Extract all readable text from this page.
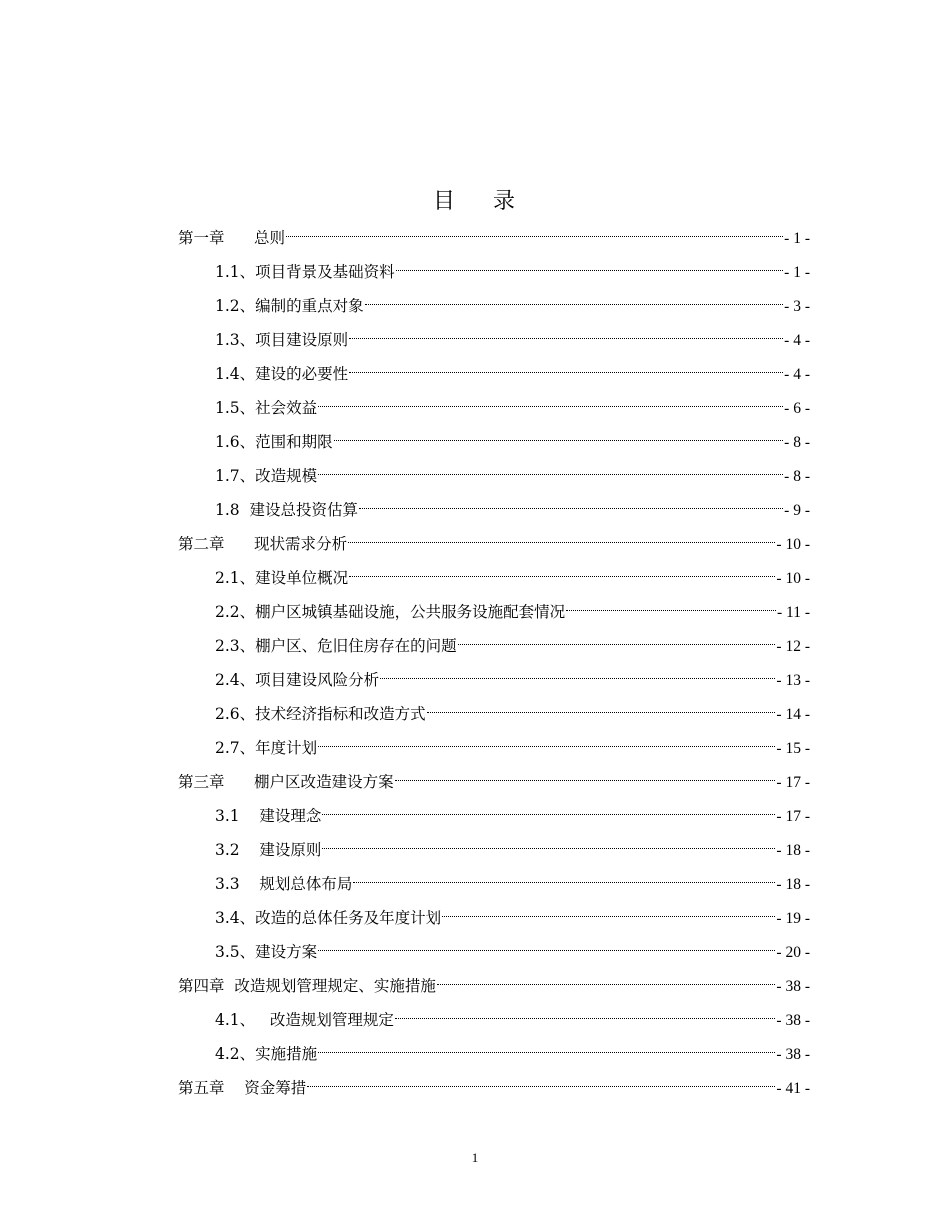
目    录
第一章      总则	- 1 -
1.1、项目背景及基础资料	- 1 -
1.2、编制的重点对象	- 3 -
1.3、项目建设原则	- 4 -
1.4、建设的必要性	- 4 -
1.5、社会效益	- 6 -
1.6、范围和期限	- 8 -
1.7、改造规模	- 8 -
1.8  建设总投资估算	- 9 -
第二章      现状需求分析	- 10 -
2.1、建设单位概况	- 10 -
2.2、棚户区城镇基础设施，公共服务设施配套情况	- 11 -
2.3、棚户区、危旧住房存在的问题	- 12 -
2.4、项目建设风险分析	- 13 -
2.6、技术经济指标和改造方式	- 14 -
2.7、年度计划	- 15 -
第三章      棚户区改造建设方案	- 17 -
3.1    建设理念	- 17 -
3.2    建设原则	- 18 -
3.3    规划总体布局	- 18 -
3.4、改造的总体任务及年度计划	- 19 -
3.5、建设方案	- 20 -
第四章  改造规划管理规定、实施措施	- 38 -
4.1、   改造规划管理规定	- 38 -
4.2、实施措施	- 38 -
第五章    资金筹措	- 41 -
1
